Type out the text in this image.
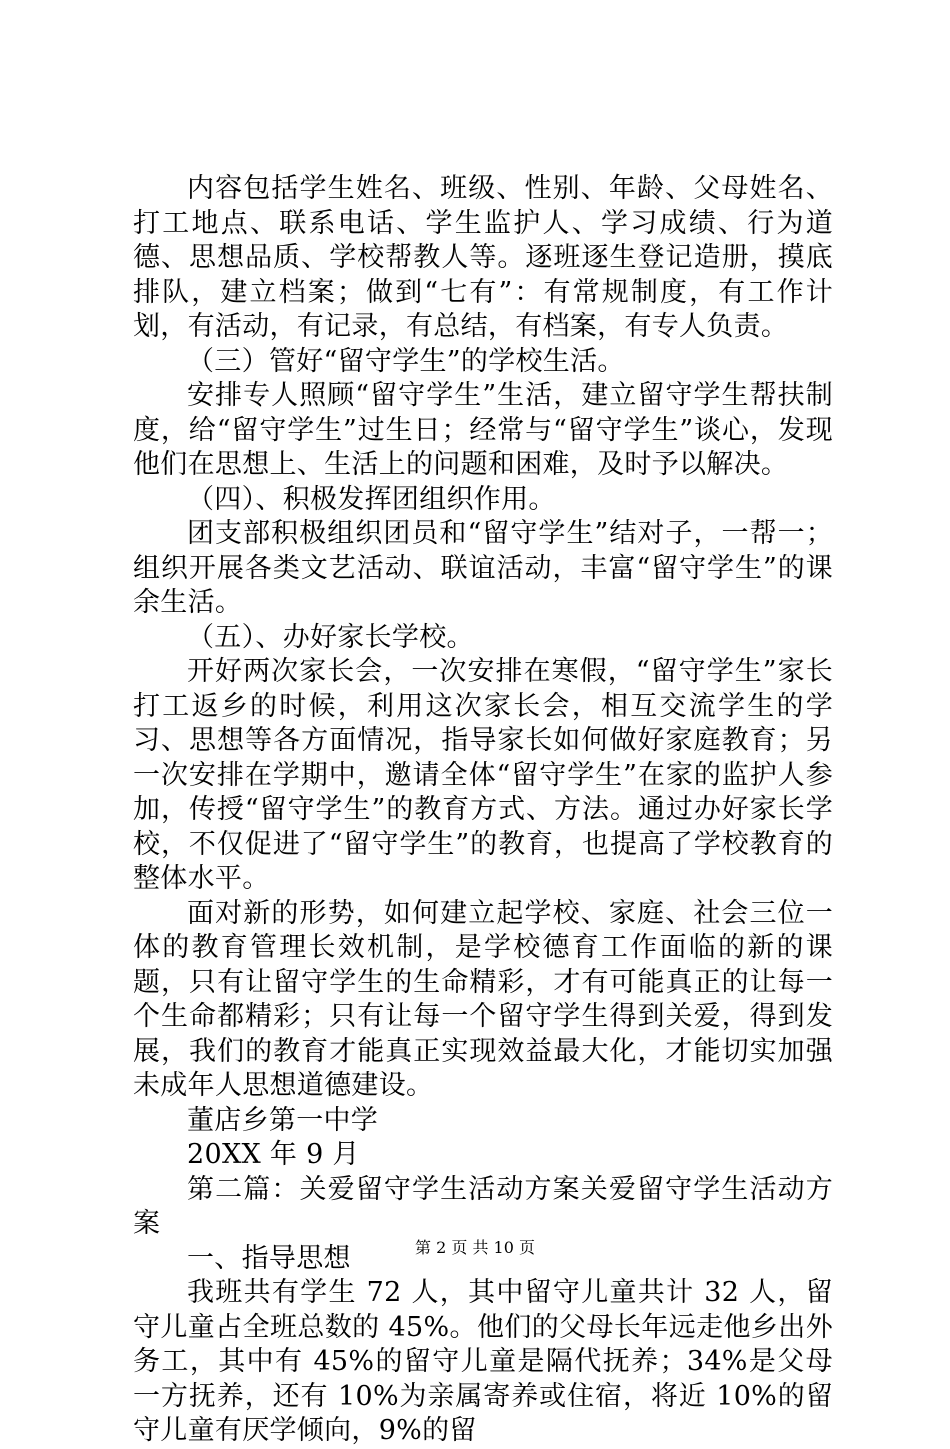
内容包括学生姓名、班级、性别、年龄、父母姓名、打工地点、联系电话、学生监护人、学习成绩、行为道德、思想品质、学校帮教人等。逐班逐生登记造册，摸底排队，建立档案；做到“七有”：有常规制度，有工作计划，有活动，有记录，有总结，有档案，有专人负责。

（三）管好“留守学生”的学校生活。

安排专人照顾“留守学生”生活，建立留守学生帮扶制度，给“留守学生”过生日；经常与“留守学生”谈心，发现他们在思想上、生活上的问题和困难，及时予以解决。

（四）、积极发挥团组织作用。

团支部积极组织团员和“留守学生”结对子，一帮一；组织开展各类文艺活动、联谊活动，丰富“留守学生”的课余生活。

（五）、办好家长学校。

开好两次家长会，一次安排在寒假，“留守学生”家长打工返乡的时候，利用这次家长会，相互交流学生的学习、思想等各方面情况，指导家长如何做好家庭教育；另一次安排在学期中，邀请全体“留守学生”在家的监护人参加，传授“留守学生”的教育方式、方法。通过办好家长学校，不仅促进了“留守学生”的教育，也提高了学校教育的整体水平。

面对新的形势，如何建立起学校、家庭、社会三位一体的教育管理长效机制，是学校德育工作面临的新的课题，只有让留守学生的生命精彩，才有可能真正的让每一个生命都精彩；只有让每一个留守学生得到关爱，得到发展，我们的教育才能真正实现效益最大化，才能切实加强未成年人思想道德建设。

董店乡第一中学

20XX 年 9 月

第二篇：关爱留守学生活动方案关爱留守学生活动方案

一、指导思想

我班共有学生 72 人，其中留守儿童共计 32 人，留守儿童占全班总数的 45%。他们的父母长年远走他乡出外务工，其中有 45%的留守儿童是隔代抚养；34%是父母一方抚养，还有 10%为亲属寄养或住宿，将近 10%的留守儿童有厌学倾向，9%的留

第 2 页 共 10 页
